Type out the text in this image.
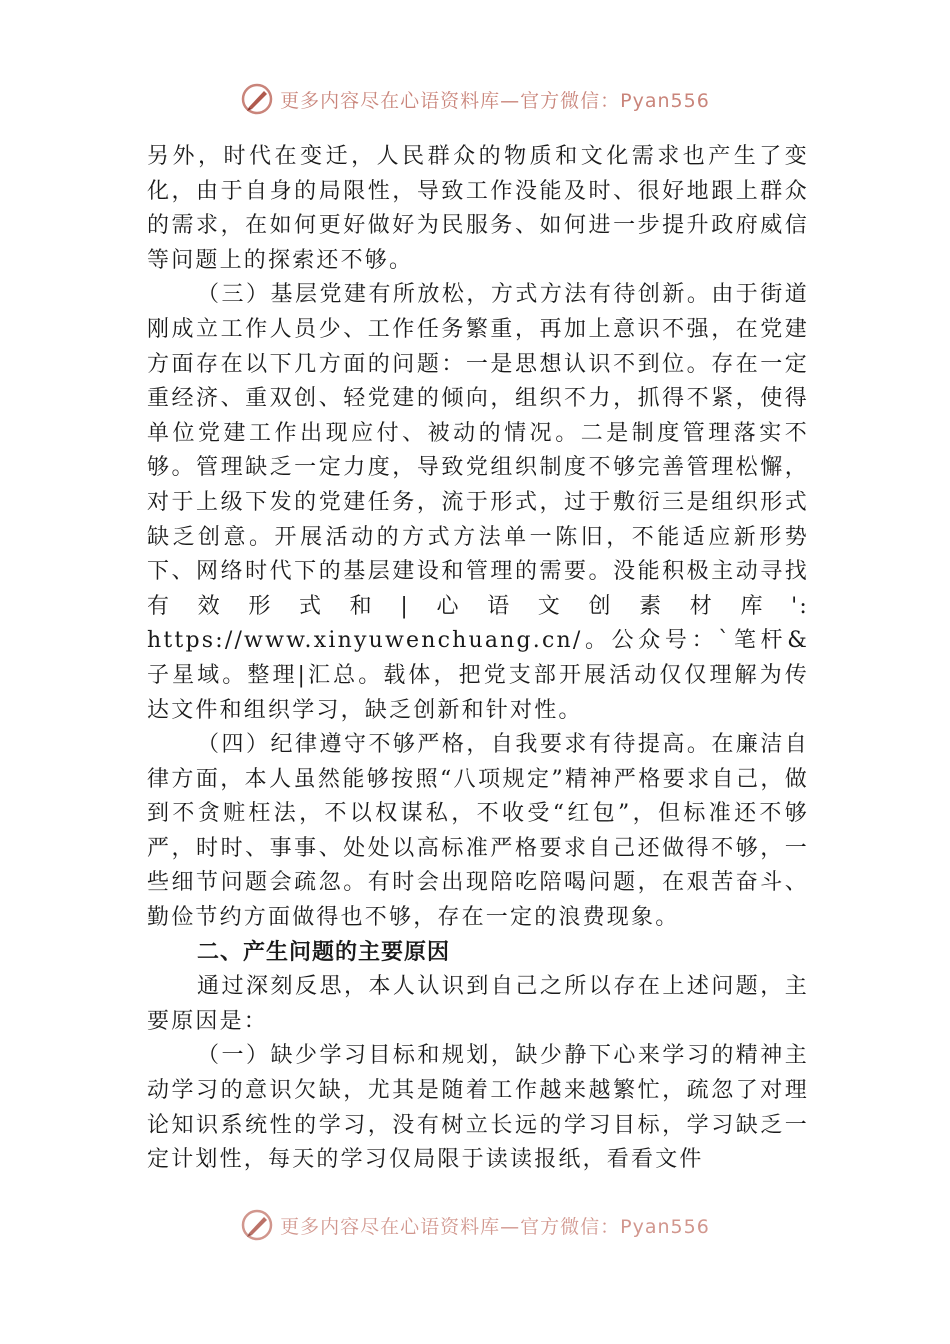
更多内容尽在心语资料库—官方微信：Pyan556

另外，时代在变迁，人民群众的物质和文化需求也产生了变化，由于自身的局限性，导致工作没能及时、很好地跟上群众的需求，在如何更好做好为民服务、如何进一步提升政府威信等问题上的探索还不够。

（三）基层党建有所放松，方式方法有待创新。由于街道刚成立工作人员少、工作任务繁重，再加上意识不强，在党建方面存在以下几方面的问题：一是思想认识不到位。存在一定重经济、重双创、轻党建的倾向，组织不力，抓得不紧，使得单位党建工作出现应付、被动的情况。二是制度管理落实不够。管理缺乏一定力度，导致党组织制度不够完善管理松懈，对于上级下发的党建任务，流于形式，过于敷衍三是组织形式缺乏创意。开展活动的方式方法单一陈旧，不能适应新形势下、网络时代下的基层建设和管理的需要。没能积极主动寻找有效形式和|心语文创素材库': https://www.xinyuwenchuang.cn/。公众号：`笔杆&子星域。整理|汇总。载体，把党支部开展活动仅仅理解为传达文件和组织学习，缺乏创新和针对性。

（四）纪律遵守不够严格，自我要求有待提高。在廉洁自律方面，本人虽然能够按照“八项规定”精神严格要求自己，做到不贪赃枉法，不以权谋私，不收受“红包”，但标准还不够严，时时、事事、处处以高标准严格要求自己还做得不够，一些细节问题会疏忽。有时会出现陪吃陪喝问题，在艰苦奋斗、勤俭节约方面做得也不够，存在一定的浪费现象。

二、产生问题的主要原因

通过深刻反思，本人认识到自己之所以存在上述问题，主要原因是：

（一）缺少学习目标和规划，缺少静下心来学习的精神主动学习的意识欠缺，尤其是随着工作越来越繁忙，疏忽了对理论知识系统性的学习，没有树立长远的学习目标，学习缺乏一定计划性，每天的学习仅局限于读读报纸，看看文件

更多内容尽在心语资料库—官方微信：Pyan556
